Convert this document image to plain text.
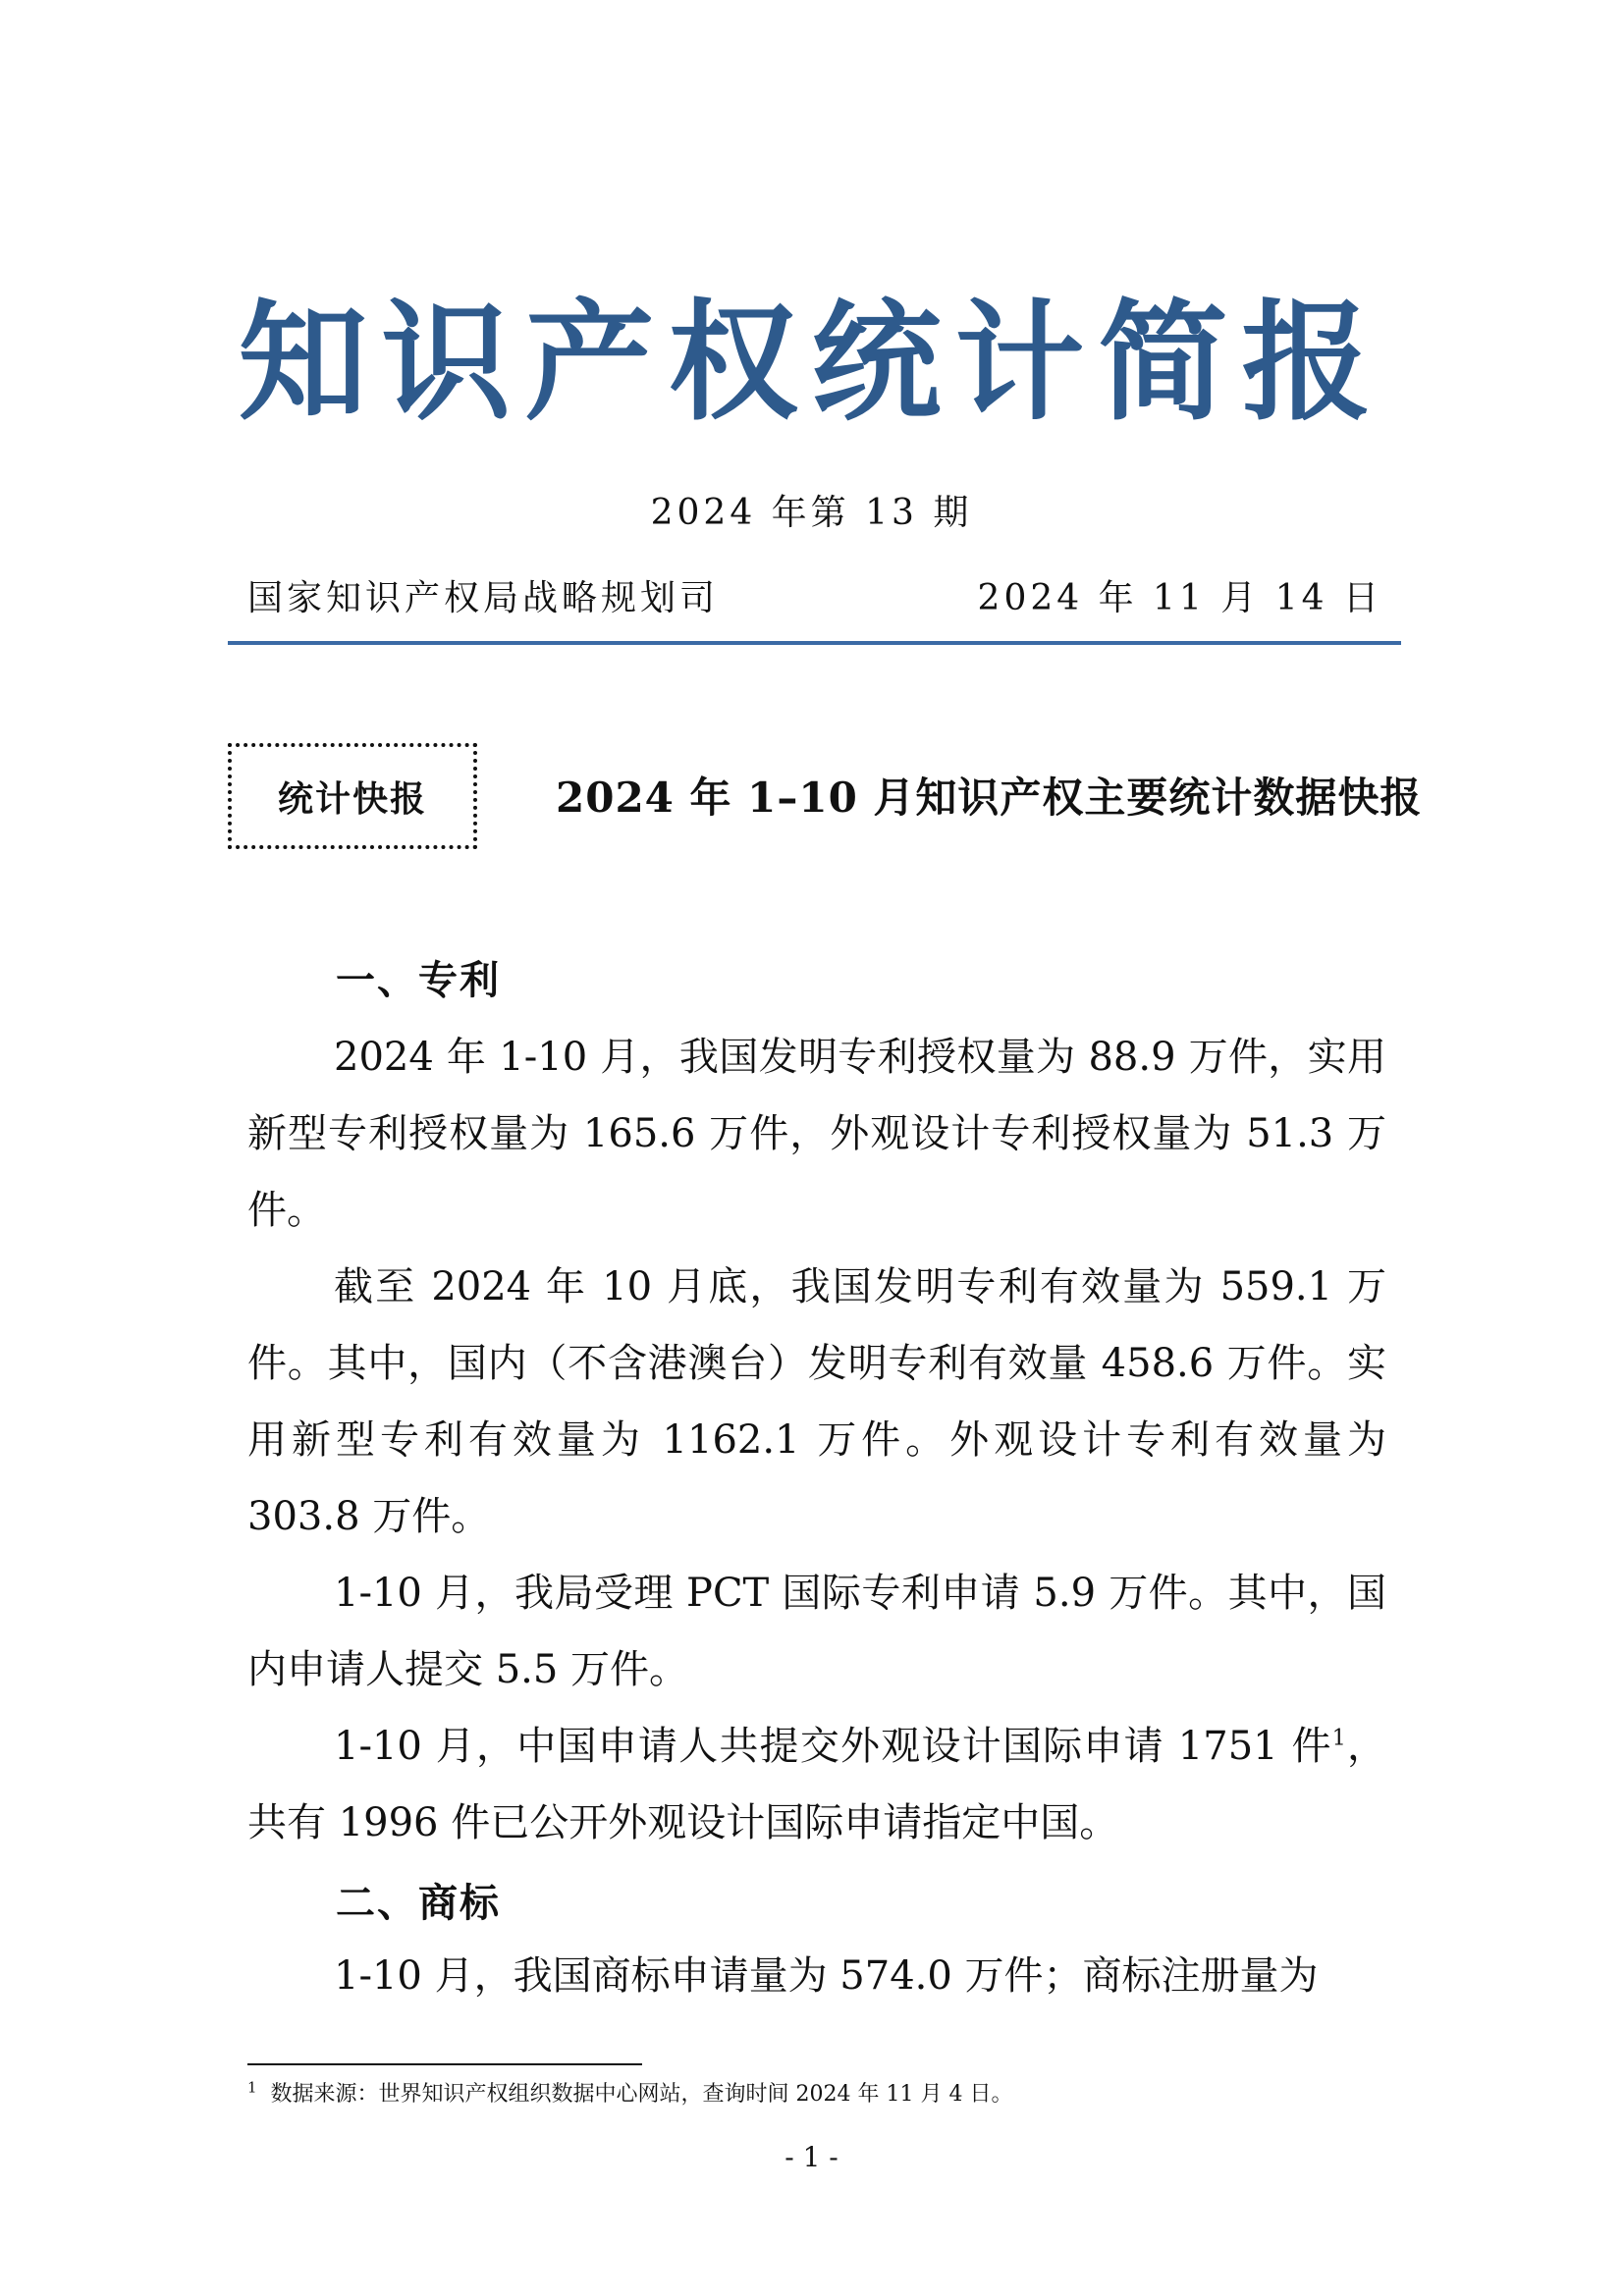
知识产权统计简报
2024 年第 13 期
国家知识产权局战略规划司	2024 年 11 月 14 日
统计快报	2024 年 1–10 月知识产权主要统计数据快报
一、专利

2024 年 1-10 月，我国发明专利授权量为 88.9 万件，实用新型专利授权量为 165.6 万件，外观设计专利授权量为 51.3 万件。

截至 2024 年 10 月底，我国发明专利有效量为 559.1 万件。其中，国内（不含港澳台）发明专利有效量 458.6 万件。实用新型专利有效量为 1162.1 万件。外观设计专利有效量为 303.8 万件。

1-10 月，我局受理 PCT 国际专利申请 5.9 万件。其中，国内申请人提交 5.5 万件。

1-10 月，中国申请人共提交外观设计国际申请 1751 件$^1$，共有 1996 件已公开外观设计国际申请指定中国。

二、商标

1-10 月，我国商标申请量为 574.0 万件；商标注册量为

$^1$ 数据来源：世界知识产权组织数据中心网站，查询时间 2024 年 11 月 4 日。
- 1 -
